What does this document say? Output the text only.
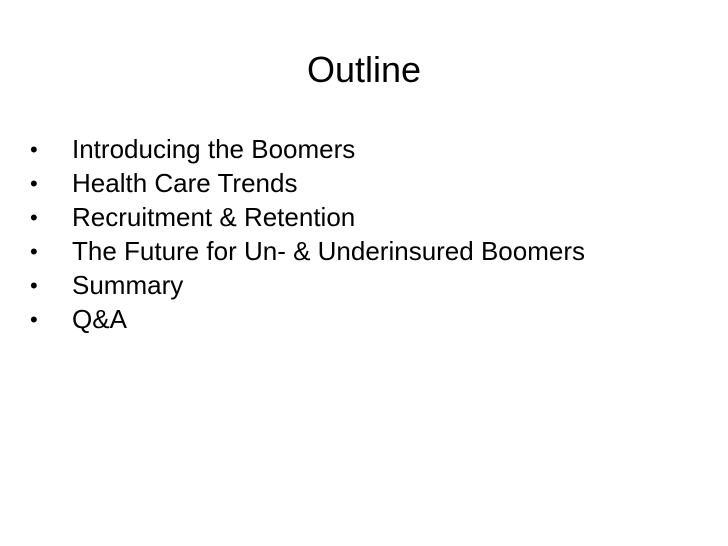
Outline
•	Introducing the Boomers
•	Health Care Trends
•	Recruitment & Retention
•	The Future for Un- & Underinsured Boomers
•	Summary
•	Q&A
